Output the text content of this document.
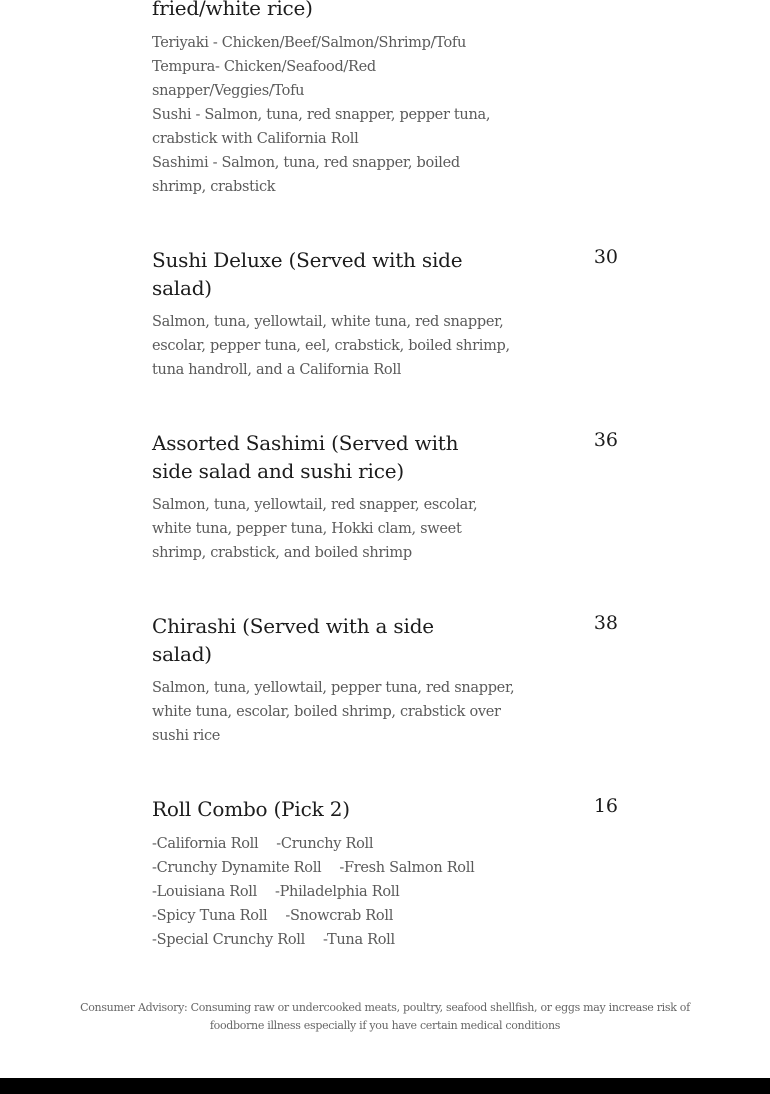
fried/white rice)
Teriyaki - Chicken/Beef/Salmon/Shrimp/Tofu
Tempura- Chicken/Seafood/Red
snapper/Veggies/Tofu
Sushi - Salmon, tuna, red snapper, pepper tuna,
crabstick with California Roll
Sashimi - Salmon, tuna, red snapper, boiled
shrimp, crabstick
Sushi Deluxe (Served with side
salad)
30
Salmon, tuna, yellowtail, white tuna, red snapper,
escolar, pepper tuna, eel, crabstick, boiled shrimp,
tuna handroll, and a California Roll
Assorted Sashimi (Served with
side salad and sushi rice)
36
Salmon, tuna, yellowtail, red snapper, escolar,
white tuna, pepper tuna, Hokki clam, sweet
shrimp, crabstick, and boiled shrimp
Chirashi (Served with a side
salad)
38
Salmon, tuna, yellowtail, pepper tuna, red snapper,
white tuna, escolar, boiled shrimp, crabstick over
sushi rice
Roll Combo (Pick 2)	16
-California Roll -Crunchy Roll
-Crunchy Dynamite Roll -Fresh Salmon Roll
-Louisiana Roll -Philadelphia Roll
-Spicy Tuna Roll -Snowcrab Roll
-Special Crunchy Roll -Tuna Roll
Consumer Advisory: Consuming raw or undercooked meats, poultry, seafood shellfish, or eggs may increase risk of
foodborne illness especially if you have certain medical conditions
